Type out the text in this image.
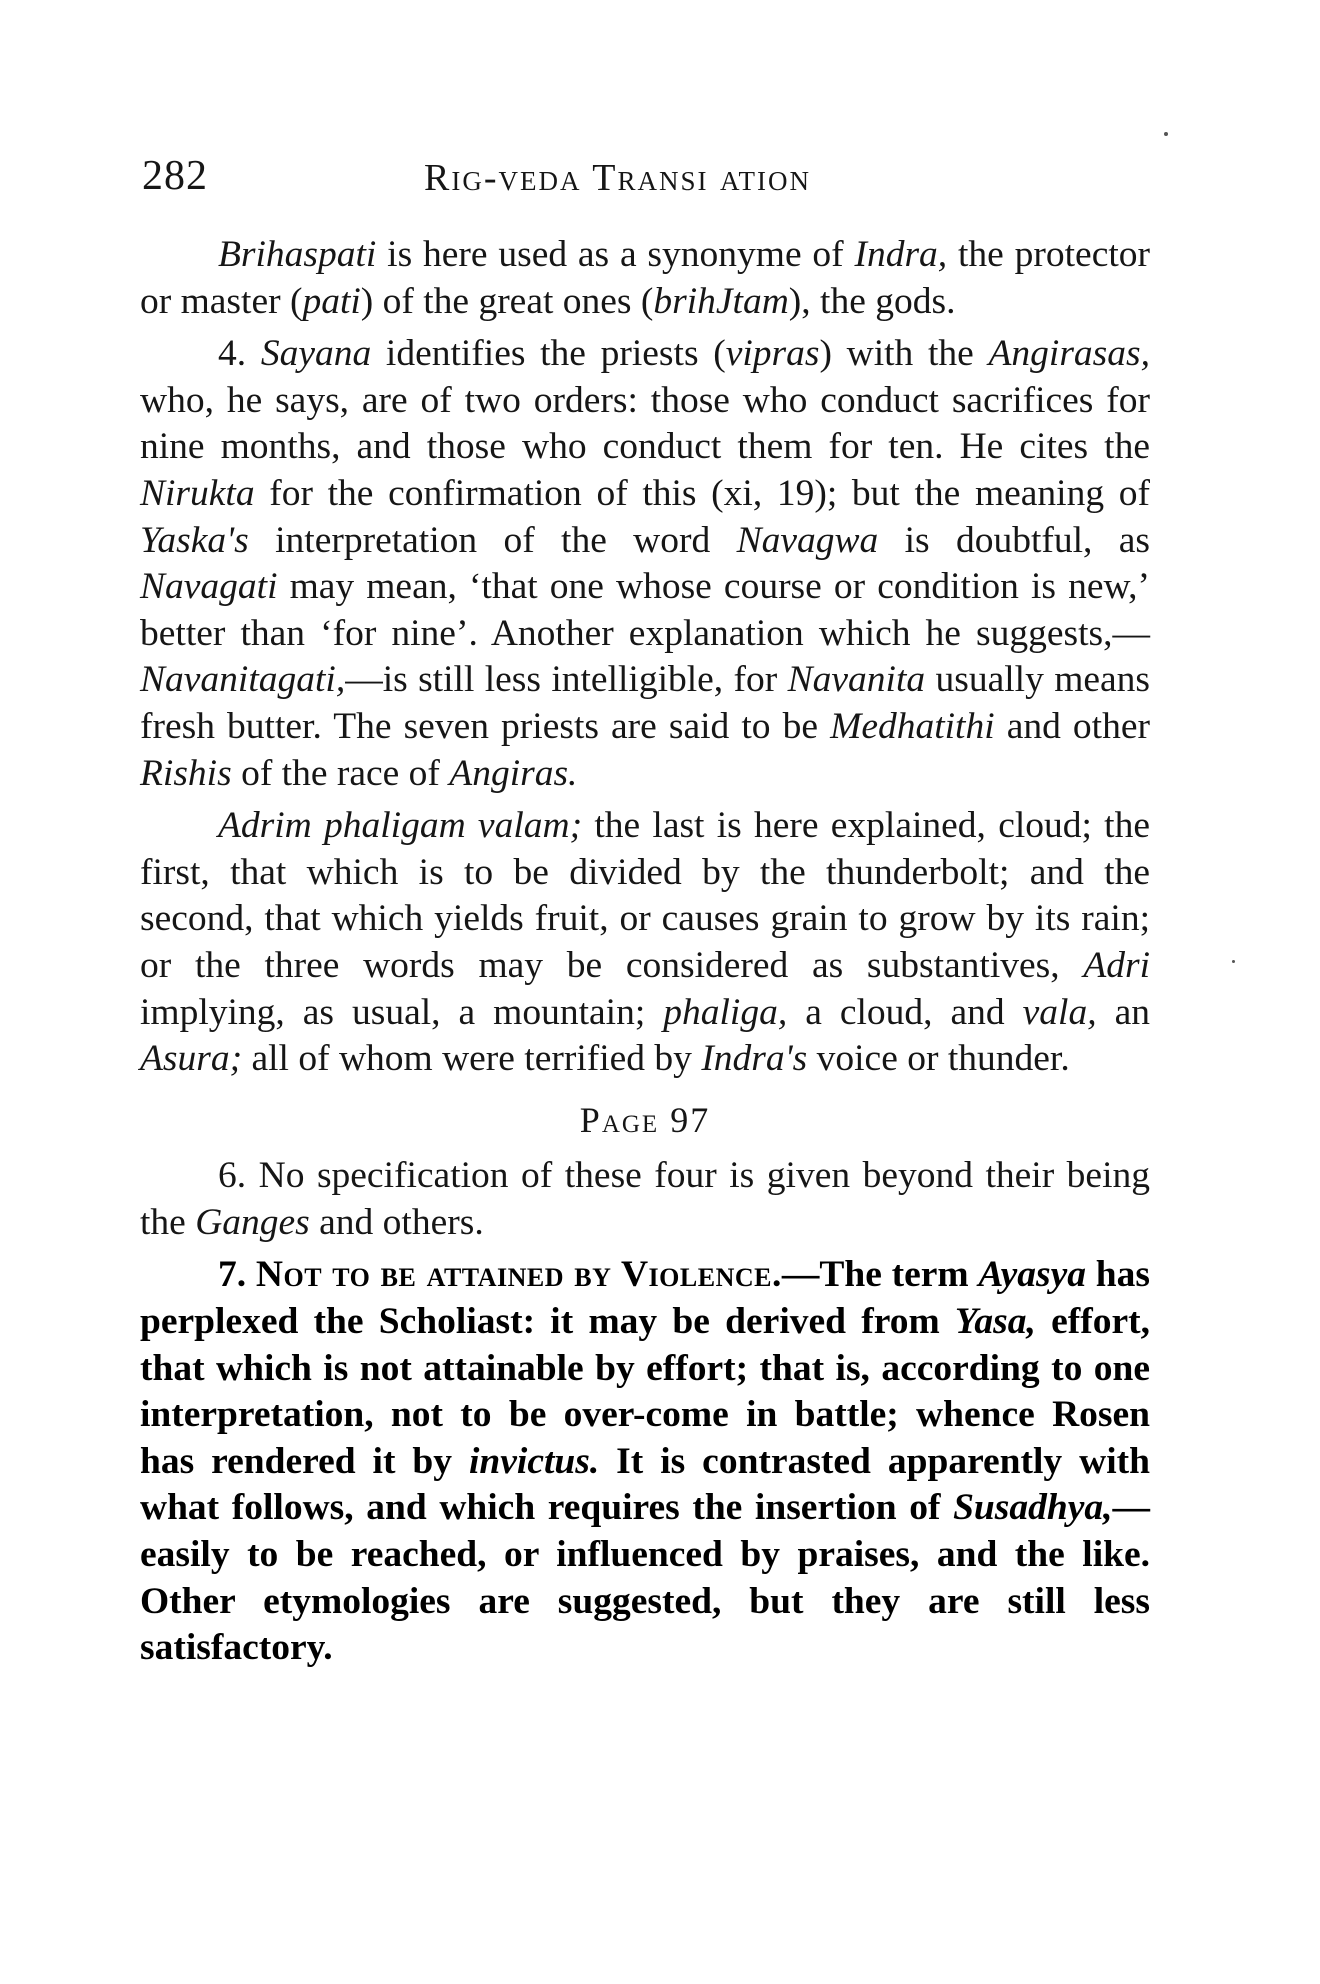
282	Rig-veda Transi ation

Brihaspati is here used as a synonyme of Indra, the protector or master (pati) of the great ones (brihJtam), the gods.

4. Sayana identifies the priests (vipras) with the Angirasas, who, he says, are of two orders: those who conduct sacrifices for nine months, and those who conduct them for ten. He cites the Nirukta for the confirmation of this (xi, 19); but the meaning of Yaska's interpretation of the word Navagwa is doubtful, as Navagati may mean, ‘that one whose course or condition is new,’ better than ‘for nine’. Another explanation which he suggests,—Navanitagati,—is still less intelligible, for Navanita usually means fresh butter. The seven priests are said to be Medhatithi and other Rishis of the race of Angiras.

Adrim phaligam valam; the last is here explained, cloud; the first, that which is to be divided by the thunderbolt; and the second, that which yields fruit, or causes grain to grow by its rain; or the three words may be considered as substantives, Adri implying, as usual, a mountain; phaliga, a cloud, and vala, an Asura; all of whom were terrified by Indra's voice or thunder.

Page 97

6. No specification of these four is given beyond their being the Ganges and others.

7. Not to be attained by Violence.—The term Ayasya has perplexed the Scholiast: it may be derived from Yasa, effort, that which is not attainable by effort; that is, according to one interpretation, not to be over-come in battle; whence Rosen has rendered it by invictus. It is contrasted apparently with what follows, and which requires the insertion of Susadhya,—easily to be reached, or influenced by praises, and the like. Other etymologies are suggested, but they are still less satisfactory.
